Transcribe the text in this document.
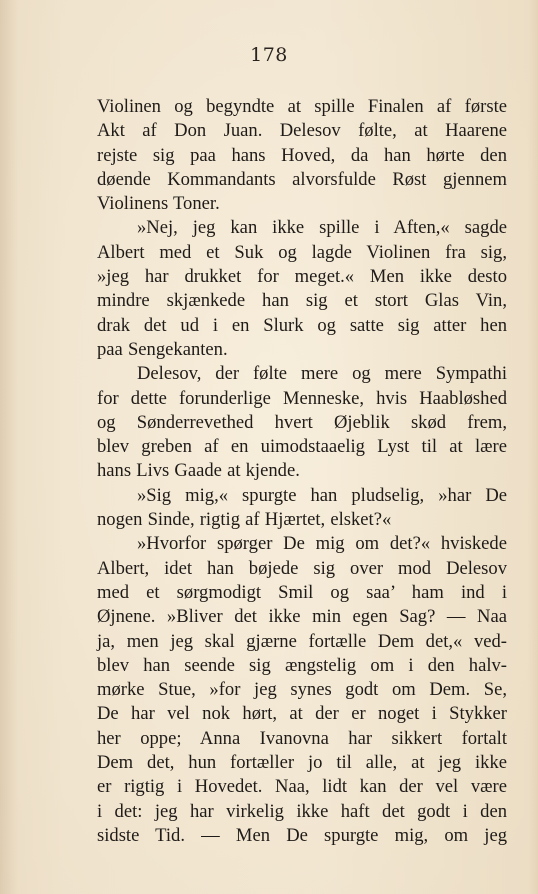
178
Violinen og begyndte at spille Finalen af første
Akt af Don Juan. Delesov følte, at Haarene
rejste sig paa hans Hoved, da han hørte den
døende Kommandants alvorsfulde Røst gjennem
Violinens Toner.
»Nej, jeg kan ikke spille i Aften,« sagde
Albert med et Suk og lagde Violinen fra sig,
»jeg har drukket for meget.« Men ikke desto
mindre skjænkede han sig et stort Glas Vin,
drak det ud i en Slurk og satte sig atter hen
paa Sengekanten.
Delesov, der følte mere og mere Sympathi
for dette forunderlige Menneske, hvis Haabløshed
og Sønderrevethed hvert Øjeblik skød frem,
blev greben af en uimodstaaelig Lyst til at lære
hans Livs Gaade at kjende.
»Sig mig,« spurgte han pludselig, »har De
nogen Sinde, rigtig af Hjærtet, elsket?«
»Hvorfor spørger De mig om det?« hviskede
Albert, idet han bøjede sig over mod Delesov
med et sørgmodigt Smil og saa’ ham ind i
Øjnene. »Bliver det ikke min egen Sag? — Naa
ja, men jeg skal gjærne fortælle Dem det,« ved-
blev han seende sig ængstelig om i den halv-
mørke Stue, »for jeg synes godt om Dem. Se,
De har vel nok hørt, at der er noget i Stykker
her oppe; Anna Ivanovna har sikkert fortalt
Dem det, hun fortæller jo til alle, at jeg ikke
er rigtig i Hovedet. Naa, lidt kan der vel være
i det: jeg har virkelig ikke haft det godt i den
sidste Tid. — Men De spurgte mig, om jeg
